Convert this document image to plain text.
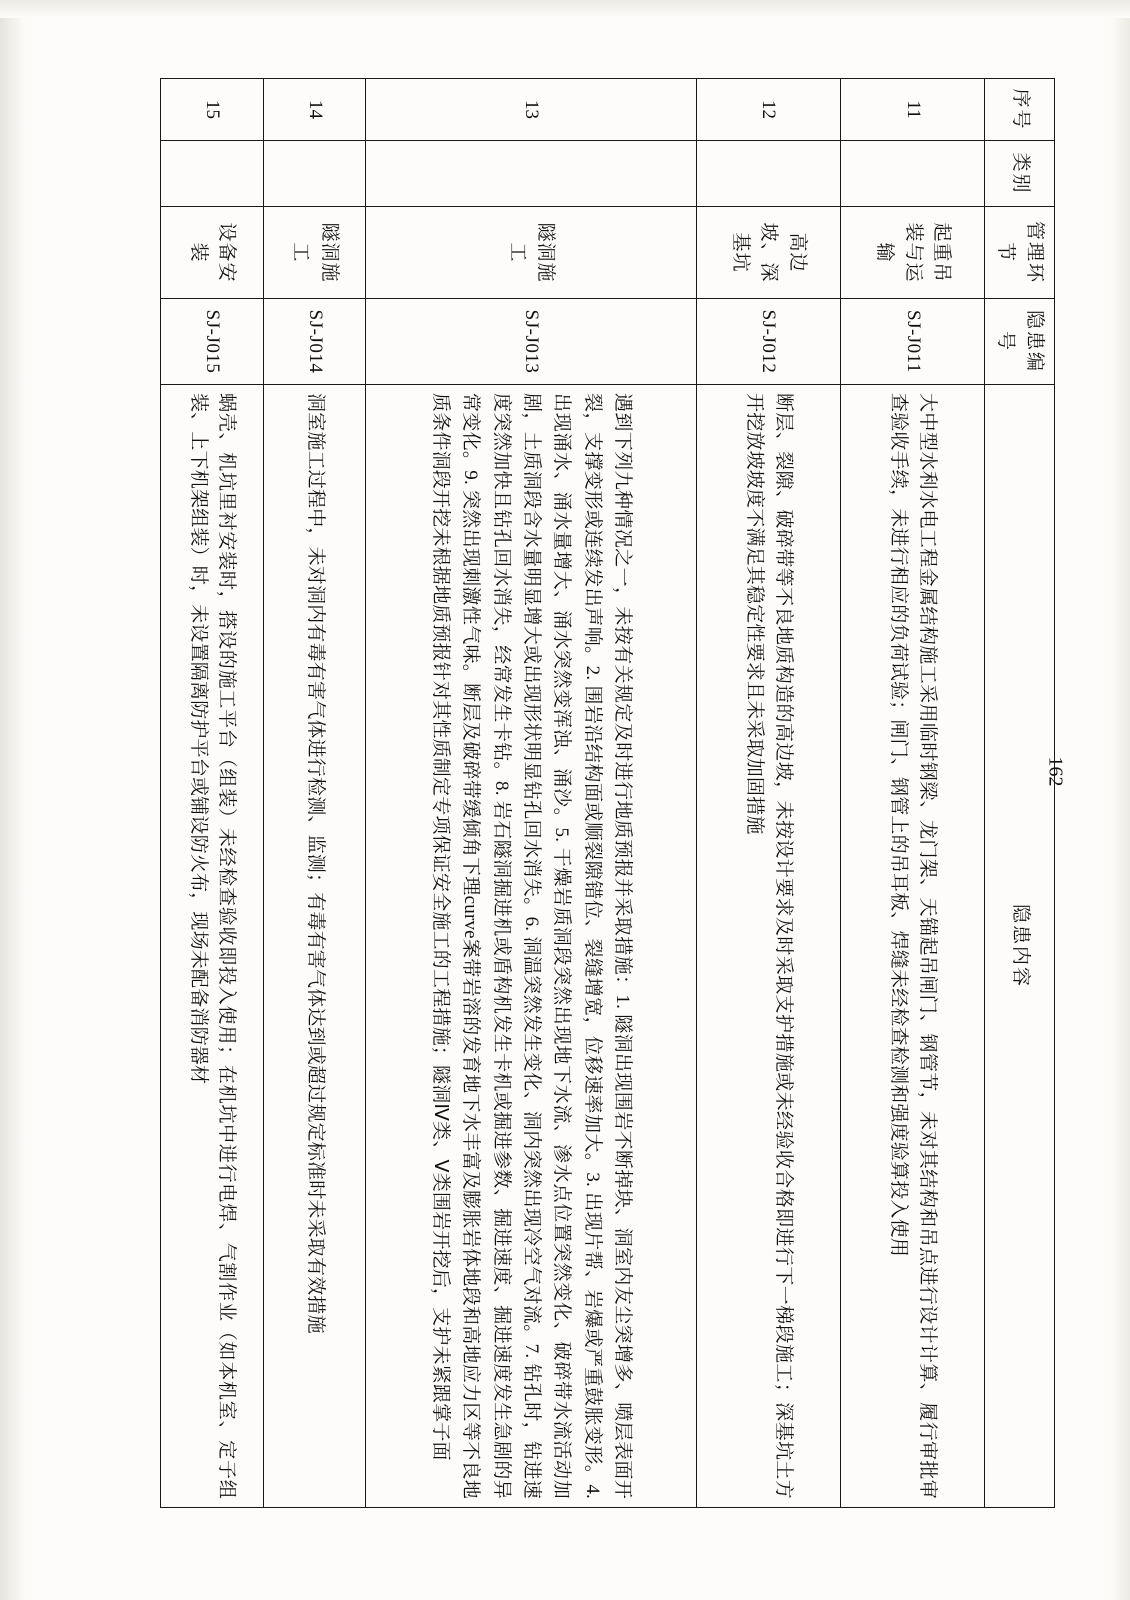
序号	类别	管理环节	隐患编号	隐患内容
11		起重吊装与运输	SJ-J011	大中型水利水电工程金属结构施工采用临时钢梁、龙门架、天锚起吊闸门、钢管节，未对其结构和吊点进行设计计算、履行审批审查验收手续，未进行相应的负荷试验；闸门、钢管上的吊耳板、焊缝未经检查检测和强度验算投入使用
12		高边坡、深基坑	SJ-J012	断层、裂隙、破碎带等不良地质构造的高边坡，未按设计要求及时采取支护措施或未经验收合格即进行下一梯段施工；深基坑土方开挖放坡坡度不满足其稳定性要求且未采取加固措施
13		隧洞施工	SJ-J013	遇到下列九种情况之一，未按有关规定及时进行地质预报并采取措施：1. 隧洞出现围岩不断掉块、洞室内友尘突增多、喷层表面开裂，支撑变形或连续发出声响。2. 围岩沿结构面或顺裂隙错位、裂缝增宽，位移速率加大。3. 出现片帮、岩爆或严重鼓胀变形。4. 出现涌水、涌水量增大、涌水突然变浑浊、涌沙。5. 干燥岩质洞段突然出现地下水流、渗水点位置突然变化、破碎带水流活动加剧，土质洞段含水量明显增大或出现形状明显钻孔回水消失。6. 洞温突然发生变化、洞内突然出现冷空气对流。7. 钻孔时，钻进速度突然加快且钻孔回水消失，经常发生卡钻。8. 岩石隧洞掘进机或盾构机发生卡机或掘进参数、掘进速度、掘进速度发生急剧的异常变化。9. 突然出现刺激性气味。断层及破碎带缓倾角下理curve案带岩溶的发育地下水丰富及膨胀岩体地段和高地应力区等不良地质条件洞段开挖未根据地质预报针对其性质制定专项保证安全施工的工程措施；隧洞Ⅳ类、Ⅴ类围岩开挖后，支护未紧跟掌子面
14		隧洞施工	SJ-J014	洞室施工过程中，未对洞内有毒有害气体进行检测、监测；有毒有害气体达到或超过规定标准时未采取有效措施
15		设备安装	SJ-J015	蜗壳、机坑里衬安装时，搭设的施工平台（组装）未经检查验收即投入使用；在机坑中进行电焊、气割作业（如本机室、定子组装、上下机架组装）时，未设置隔离防护平台或铺设防火布，现场未配备消防器材	162
